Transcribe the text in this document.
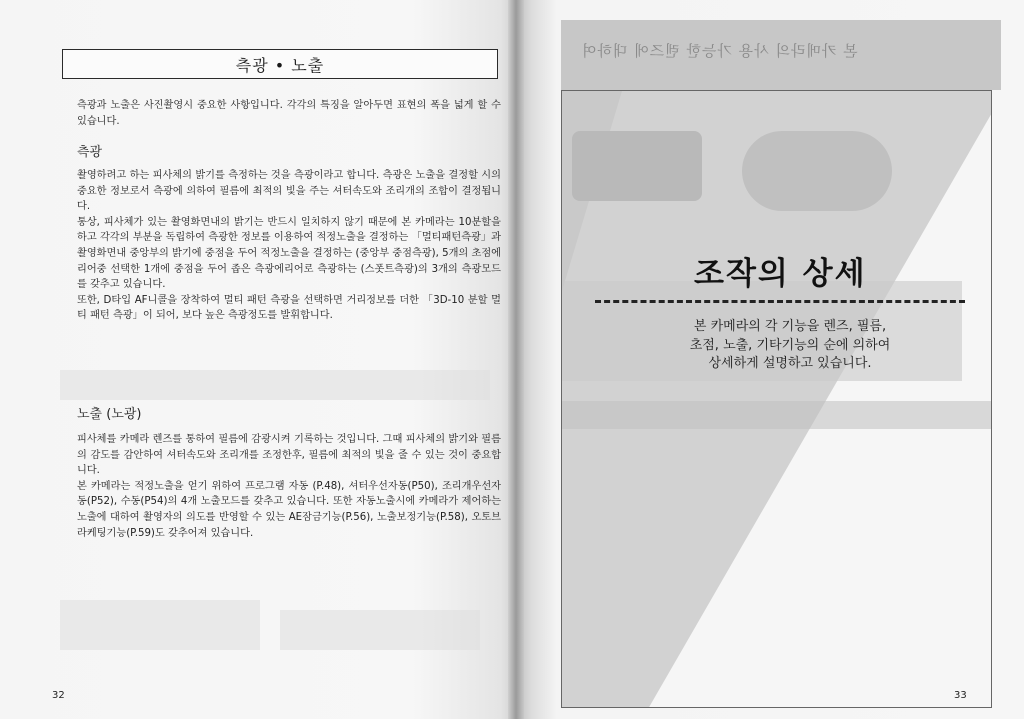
측광 • 노출

측광과 노출은 사진촬영시 중요한 사항입니다. 각각의 특징을 알아두면 표현의 폭을 넓게 할 수 있습니다.

측광

촬영하려고 하는 피사체의 밝기를 측정하는 것을 측광이라고 합니다. 측광은 노출을 결정할 시의 중요한 정보로서 측광에 의하여 필름에 최적의 빛을 주는 셔터속도와 조리개의 조합이 결정됩니다.

통상, 피사체가 있는 촬영화면내의 밝기는 반드시 일치하지 않기 때문에 본 카메라는 10분할을 하고 각각의 부분을 독립하여 측광한 정보를 이용하여 적정노출을 결정하는 「멀티패턴측광」과 촬영화면내 중앙부의 밝기에 중점을 두어 적정노출을 결정하는 (중앙부 중점측광), 5개의 초점에리어중 선택한 1개에 중점을 두어 좁은 측광에리어로 측광하는 (스폿트측광)의 3개의 측광모드를 갖추고 있습니다.

또한, D타입 AF니콜을 장착하여 멀티 패턴 측광을 선택하면 거리정보를 더한 「3D-10 분할 멀티 패턴 측광」이 되어, 보다 높은 측광정도를 발휘합니다.

노출 (노광)

피사체를 카메라 렌즈를 통하여 필름에 감광시켜 기록하는 것입니다. 그때 피사체의 밝기와 필름의 감도를 감안하여 셔터속도와 조리개를 조정한후, 필름에 최적의 빛을 줄 수 있는 것이 중요합니다.

본 카메라는 적정노출을 얻기 위하여 프로그램 자동 (P.48), 셔터우선자동(P50), 조리개우선자동(P52), 수동(P54)의 4개 노출모드를 갖추고 있습니다. 또한 자동노출시에 카메라가 제어하는 노출에 대하여 촬영자의 의도를 반영할 수 있는 AE잠금기능(P.56), 노출보정기능(P.58), 오토브라케팅기능(P.59)도 갖추어져 있습니다.

32
본 카메라의 사용 가능한 렌즈에 대하여
조작의 상세

본 카메라의 각 기능을 렌즈, 필름,

초점, 노출, 기타기능의 순에 의하여

상세하게 설명하고 있습니다.

33
